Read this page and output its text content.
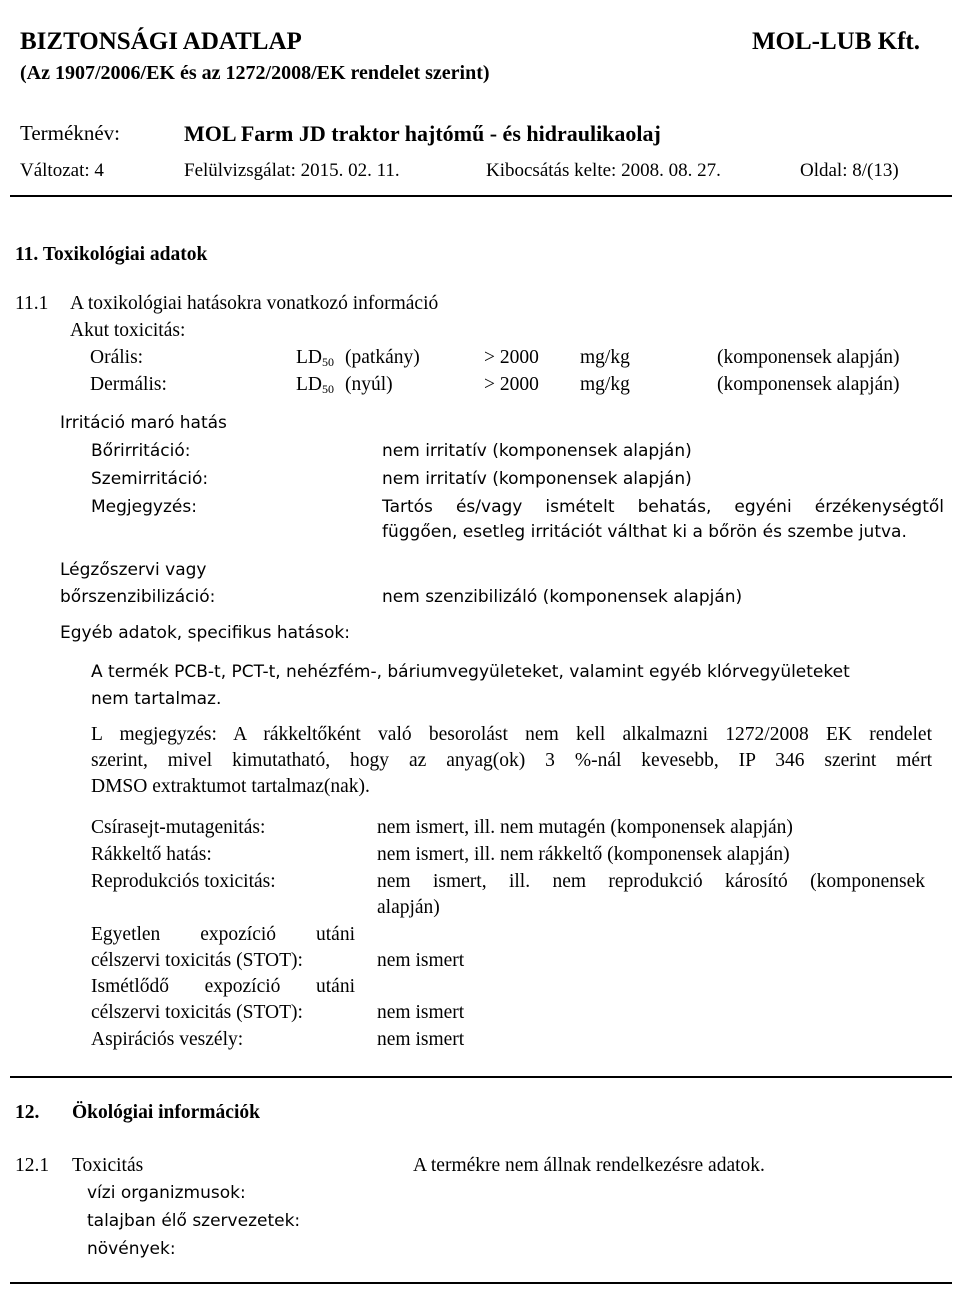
BIZTONSÁGI ADATLAP	MOL-LUB Kft.
(Az 1907/2006/EK és az 1272/2008/EK rendelet szerint)
Terméknév:	MOL Farm JD traktor hajtómű - és hidraulikaolaj
Változat: 4	Felülvizsgálat: 2015. 02. 11.	Kibocsátás kelte: 2008. 08. 27.	Oldal: 8/(13)
11. Toxikológiai adatok
11.1 A toxikológiai hatásokra vonatkozó információ
Akut toxicitás:
Orális:	$LD_{50}$ (patkány)	> 2000 mg/kg	(komponensek alapján)
Dermális:	$LD_{50}$ (nyúl)	> 2000 mg/kg	(komponensek alapján)
Irritáció maró hatás
Bőrirritáció:	nem irritatív (komponensek alapján)
Szemirritáció:	nem irritatív (komponensek alapján)
Megjegyzés:	Tartós és/vagy ismételt behatás, egyéni érzékenységtől
függően, esetleg irritációt válthat ki a bőrön és szembe jutva.
Légzőszervi vagy
bőrszenzibilizáció:	nem szenzibilizáló (komponensek alapján)
Egyéb adatok, specifikus hatások:
A termék PCB-t, PCT-t, nehézfém-, báriumvegyületeket, valamint egyéb klórvegyületeket
nem tartalmaz.
L megjegyzés: A rákkeltőként való besorolást nem kell alkalmazni 1272/2008 EK rendelet
szerint, mivel kimutatható, hogy az anyag(ok) 3 %-nál kevesebb, IP 346 szerint mért
DMSO extraktumot tartalmaz(nak).
Csírasejt-mutagenitás:	nem ismert, ill. nem mutagén (komponensek alapján)
Rákkeltő hatás:	nem ismert, ill. nem rákkeltő (komponensek alapján)
Reprodukciós toxicitás:	nem ismert, ill. nem reprodukció károsító (komponensek
alapján)
Egyetlen expozíció utáni
célszervi toxicitás (STOT):	nem ismert
Ismétlődő expozíció utáni
célszervi toxicitás (STOT):	nem ismert
Aspirációs veszély:	nem ismert
12. Ökológiai információk
12.1 Toxicitás	A termékre nem állnak rendelkezésre adatok.
vízi organizmusok:
talajban élő szervezetek:
növények:
